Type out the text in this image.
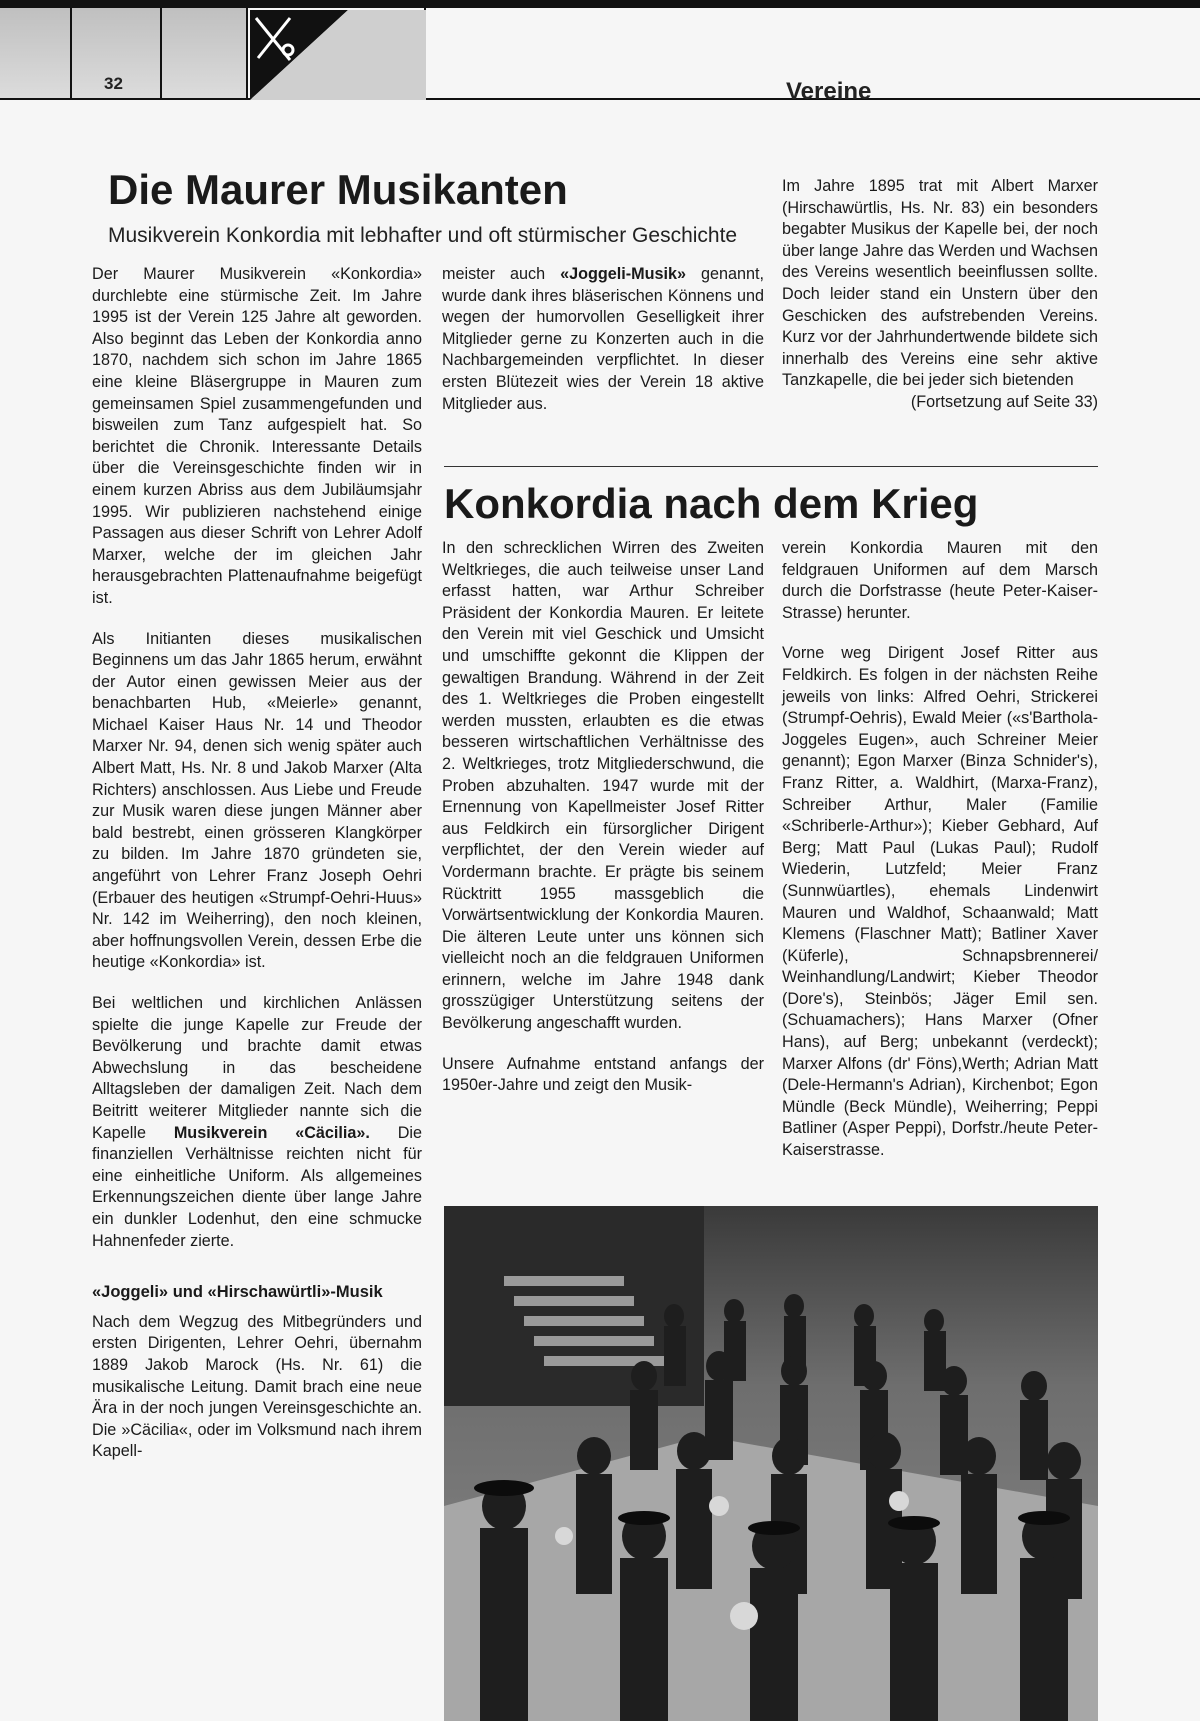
32	Vereine
Die Maurer Musikanten
Musikverein Konkordia mit lebhafter und oft stürmischer Geschichte

Der Maurer Musikverein «Konkordia» durchlebte eine stürmische Zeit. Im Jahre 1995 ist der Verein 125 Jahre alt geworden. Also beginnt das Leben der Konkordia anno 1870, nachdem sich schon im Jahre 1865 eine kleine Bläsergruppe in Mauren zum gemeinsamen Spiel zusammengefunden und bisweilen zum Tanz aufgespielt hat. So berichtet die Chronik. Interessante Details über die Vereinsgeschichte finden wir in einem kurzen Abriss aus dem Jubiläumsjahr 1995. Wir publizieren nachstehend einige Passagen aus dieser Schrift von Lehrer Adolf Marxer, welche der im gleichen Jahr herausgebrachten Plattenaufnahme beigefügt ist.

Als Initianten dieses musikalischen Beginnens um das Jahr 1865 herum, erwähnt der Autor einen gewissen Meier aus der benachbarten Hub, «Meierle» genannt, Michael Kaiser Haus Nr. 14 und Theodor Marxer Nr. 94, denen sich wenig später auch Albert Matt, Hs. Nr. 8 und Jakob Marxer (Alta Richters) anschlossen. Aus Liebe und Freude zur Musik waren diese jungen Männer aber bald bestrebt, einen grösseren Klangkörper zu bilden. Im Jahre 1870 gründeten sie, angeführt von Lehrer Franz Joseph Oehri (Erbauer des heutigen «Strumpf-Oehri-Huus» Nr. 142 im Weiherring), den noch kleinen, aber hoffnungsvollen Verein, dessen Erbe die heutige «Konkordia» ist.

Bei weltlichen und kirchlichen Anlässen spielte die junge Kapelle zur Freude der Bevölkerung und brachte damit etwas Abwechslung in das bescheidene Alltagsleben der damaligen Zeit. Nach dem Beitritt weiterer Mitglieder nannte sich die Kapelle Musikverein «Cäcilia». Die finanziellen Verhältnisse reichten nicht für eine einheitliche Uniform. Als allgemeines Erkennungszeichen diente über lange Jahre ein dunkler Lodenhut, den eine schmucke Hahnenfeder zierte.

«Joggeli» und «Hirschawürtli»-Musik

Nach dem Wegzug des Mitbegründers und ersten Dirigenten, Lehrer Oehri, übernahm 1889 Jakob Marock (Hs. Nr. 61) die musikalische Leitung. Damit brach eine neue Ära in der noch jungen Vereinsgeschichte an. Die »Cäcilia«, oder im Volksmund nach ihrem Kapell-

meister auch «Joggeli-Musik» genannt, wurde dank ihres bläserischen Könnens und wegen der humorvollen Geselligkeit ihrer Mitglieder gerne zu Konzerten auch in die Nachbargemeinden verpflichtet. In dieser ersten Blütezeit wies der Verein 18 aktive Mitglieder aus.

Im Jahre 1895 trat mit Albert Marxer (Hirschawürtlis, Hs. Nr. 83) ein besonders begabter Musikus der Kapelle bei, der noch über lange Jahre das Werden und Wachsen des Vereins wesentlich beeinflussen sollte. Doch leider stand ein Unstern über den Geschicken des aufstrebenden Vereins. Kurz vor der Jahrhundertwende bildete sich innerhalb des Vereins eine sehr aktive Tanzkapelle, die bei jeder sich bietenden

(Fortsetzung auf Seite 33)
Konkordia nach dem Krieg

In den schrecklichen Wirren des Zweiten Weltkrieges, die auch teilweise unser Land erfasst hatten, war Arthur Schreiber Präsident der Konkordia Mauren. Er leitete den Verein mit viel Geschick und Umsicht und umschiffte gekonnt die Klippen der gewaltigen Brandung. Während in der Zeit des 1. Weltkrieges die Proben eingestellt werden mussten, erlaubten es die etwas besseren wirtschaftlichen Verhältnisse des 2. Weltkrieges, trotz Mitgliederschwund, die Proben abzuhalten. 1947 wurde mit der Ernennung von Kapellmeister Josef Ritter aus Feldkirch ein fürsorglicher Dirigent verpflichtet, der den Verein wieder auf Vordermann brachte. Er prägte bis seinem Rücktritt 1955 massgeblich die Vorwärtsentwicklung der Konkordia Mauren. Die älteren Leute unter uns können sich vielleicht noch an die feldgrauen Uniformen erinnern, welche im Jahre 1948 dank grosszügiger Unterstützung seitens der Bevölkerung angeschafft wurden.

Unsere Aufnahme entstand anfangs der 1950er-Jahre und zeigt den Musik-

verein Konkordia Mauren mit den feldgrauen Uniformen auf dem Marsch durch die Dorfstrasse (heute Peter-Kaiser-Strasse) herunter.

Vorne weg Dirigent Josef Ritter aus Feldkirch. Es folgen in der nächsten Reihe jeweils von links: Alfred Oehri, Strickerei (Strumpf-Oehris), Ewald Meier («s'Barthola-Joggeles Eugen», auch Schreiner Meier genannt); Egon Marxer (Binza Schnider's), Franz Ritter, a. Waldhirt, (Marxa-Franz), Schreiber Arthur, Maler (Familie «Schriberle-Arthur»); Kieber Gebhard, Auf Berg; Matt Paul (Lukas Paul); Rudolf Wiederin, Lutzfeld; Meier Franz (Sunnwüartles), ehemals Lindenwirt Mauren und Waldhof, Schaanwald; Matt Klemens (Flaschner Matt); Batliner Xaver (Küferle), Schnapsbrennerei/ Weinhandlung/Landwirt; Kieber Theodor (Dore's), Steinbös; Jäger Emil sen. (Schuamachers); Hans Marxer (Ofner Hans), auf Berg; unbekannt (verdeckt); Marxer Alfons (dr' Föns),Werth; Adrian Matt (Dele-Hermann's Adrian), Kirchenbot; Egon Mündle (Beck Mündle), Weiherring; Peppi Batliner (Asper Peppi), Dorfstr./heute Peter-Kaiserstrasse.
